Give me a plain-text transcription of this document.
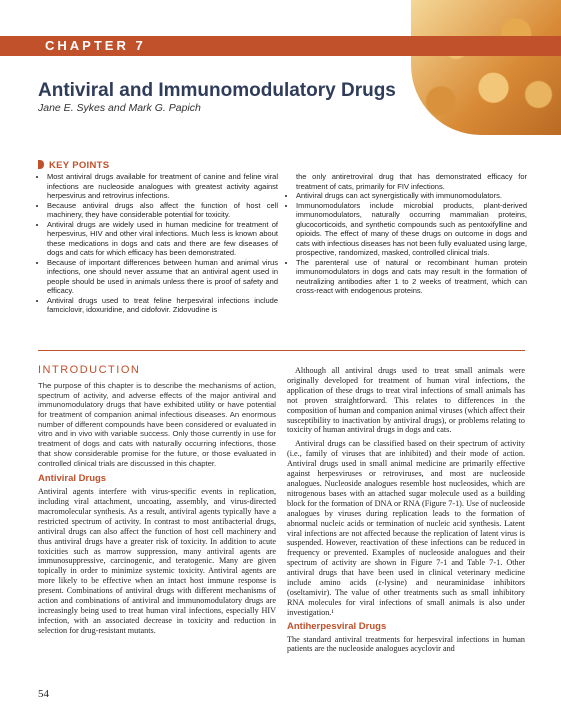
CHAPTER 7
Antiviral and Immunomodulatory Drugs
Jane E. Sykes and Mark G. Papich
KEY POINTS
• Most antiviral drugs available for treatment of canine and feline viral infections are nucleoside analogues with greatest activity against herpesvirus and retrovirus infections.
• Because antiviral drugs also affect the function of host cell machinery, they have considerable potential for toxicity.
• Antiviral drugs are widely used in human medicine for treatment of herpesvirus, HIV and other viral infections. Much less is known about these medications in dogs and cats and there are few diseases of dogs and cats for which efficacy has been demonstrated.
• Because of important differences between human and animal virus infections, one should never assume that an antiviral agent used in people should be used in animals unless there is proof of safety and efficacy.
• Antiviral drugs used to treat feline herpesviral infections include famciclovir, idoxuridine, and cidofovir. Zidovudine is
the only antiretroviral drug that has demonstrated efficacy for treatment of cats, primarily for FIV infections.
• Antiviral drugs can act synergistically with immunomodulators.
• Immunomodulators include microbial products, plant-derived immunomodulators, naturally occurring mammalian proteins, glucocorticoids, and synthetic compounds such as pentoxifylline and opioids. The effect of many of these drugs on outcome in dogs and cats with infectious diseases has not been fully evaluated using large, prospective, randomized, masked, controlled clinical trials.
• The parenteral use of natural or recombinant human protein immunomodulators in dogs and cats may result in the formation of neutralizing antibodies after 1 to 2 weeks of treatment, which can cross-react with endogenous proteins.
INTRODUCTION
The purpose of this chapter is to describe the mechanisms of action, spectrum of activity, and adverse effects of the major antiviral and immunomodulatory drugs that have exhibited utility or have potential for treatment of companion animal infectious diseases. An enormous number of different compounds have been considered or evaluated in vitro and in vivo with variable success. Only those currently in use for treatment of dogs and cats with naturally occurring infections, those that show considerable promise for the future, or those evaluated in controlled clinical trials are discussed in this chapter.
Antiviral Drugs

Antiviral agents interfere with virus-specific events in replication, including viral attachment, uncoating, assembly, and virus-directed macromolecular synthesis. As a result, antiviral agents typically have a restricted spectrum of activity. In contrast to most antibacterial drugs, antiviral drugs can also affect the function of host cell machinery and thus antiviral drugs have a greater risk of toxicity. In addition to acute toxicities such as marrow suppression, many antiviral agents are immunosuppressive, carcinogenic, and teratogenic. Many are given topically in order to minimize systemic toxicity. Antiviral agents are more likely to be effective when an intact host immune response is present. Combinations of antiviral drugs with different mechanisms of action and combinations of antiviral and immunomodulatory drugs are increasingly being used to treat human viral infections, especially HIV infection, with an associated decrease in toxicity and reduction in selection for drug-resistant mutants.

Although all antiviral drugs used to treat small animals were originally developed for treatment of human viral infections, the application of these drugs to treat viral infections of small animals has not proven straightforward. This relates to differences in the composition of human and companion animal viruses (which affect their susceptibility to inactivation by antiviral drugs), or problems relating to toxicity of human antiviral drugs in dogs and cats.

Antiviral drugs can be classified based on their spectrum of activity (i.e., family of viruses that are inhibited) and their mode of action. Antiviral drugs used in small animal medicine are primarily effective against herpesviruses or retroviruses, and most are nucleoside analogues. Nucleoside analogues resemble host nucleosides, which are nitrogenous bases with an attached sugar molecule used as a building block for the formation of DNA or RNA (Figure 7-1). Use of nucleoside analogues by viruses during replication leads to the formation of abnormal nucleic acids or termination of nucleic acid synthesis. Latent viral infections are not affected because the replication of latent virus is suspended. However, reactivation of these infections can be reduced in frequency or prevented. Examples of nucleoside analogues and their spectrum of activity are shown in Figure 7-1 and Table 7-1. Other antiviral drugs that have been used in clinical veterinary medicine include amino acids (ε-lysine) and neuraminidase inhibitors (oseltamivir). The value of other treatments such as small inhibitory RNA molecules for viral infections of small animals is also under investigation.¹

Antiherpesviral Drugs

The standard antiviral treatments for herpesviral infections in human patients are the nucleoside analogues acyclovir and

54
